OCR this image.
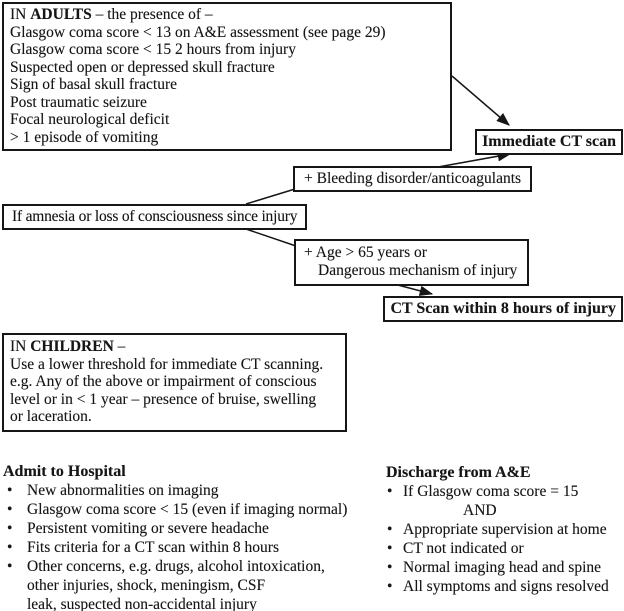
IN ADULTS – the presence of –
Glasgow coma score < 13 on A&E assessment (see page 29)
Glasgow coma score < 15 2 hours from injury
Suspected open or depressed skull fracture
Sign of basal skull fracture
Post traumatic seizure
Focal neurological deficit
> 1 episode of vomiting	Immediate CT scan
+ Bleeding disorder/anticoagulants
If amnesia or loss of consciousness since injury
+ Age > 65 years or
Dangerous mechanism of injury
CT Scan within 8 hours of injury
IN CHILDREN –
Use a lower threshold for immediate CT scanning.
e.g. Any of the above or impairment of conscious
level or in < 1 year – presence of bruise, swelling
or laceration.
Admit to Hospital
• New abnormalities on imaging
• Glasgow coma score < 15 (even if imaging normal)
• Persistent vomiting or severe headache
• Fits criteria for a CT scan within 8 hours
• Other concerns, e.g. drugs, alcohol intoxication,
other injuries, shock, meningism, CSF
leak, suspected non-accidental injury
Discharge from A&E
• If Glasgow coma score = 15
AND
• Appropriate supervision at home
• CT not indicated or
• Normal imaging head and spine
• All symptoms and signs resolved
